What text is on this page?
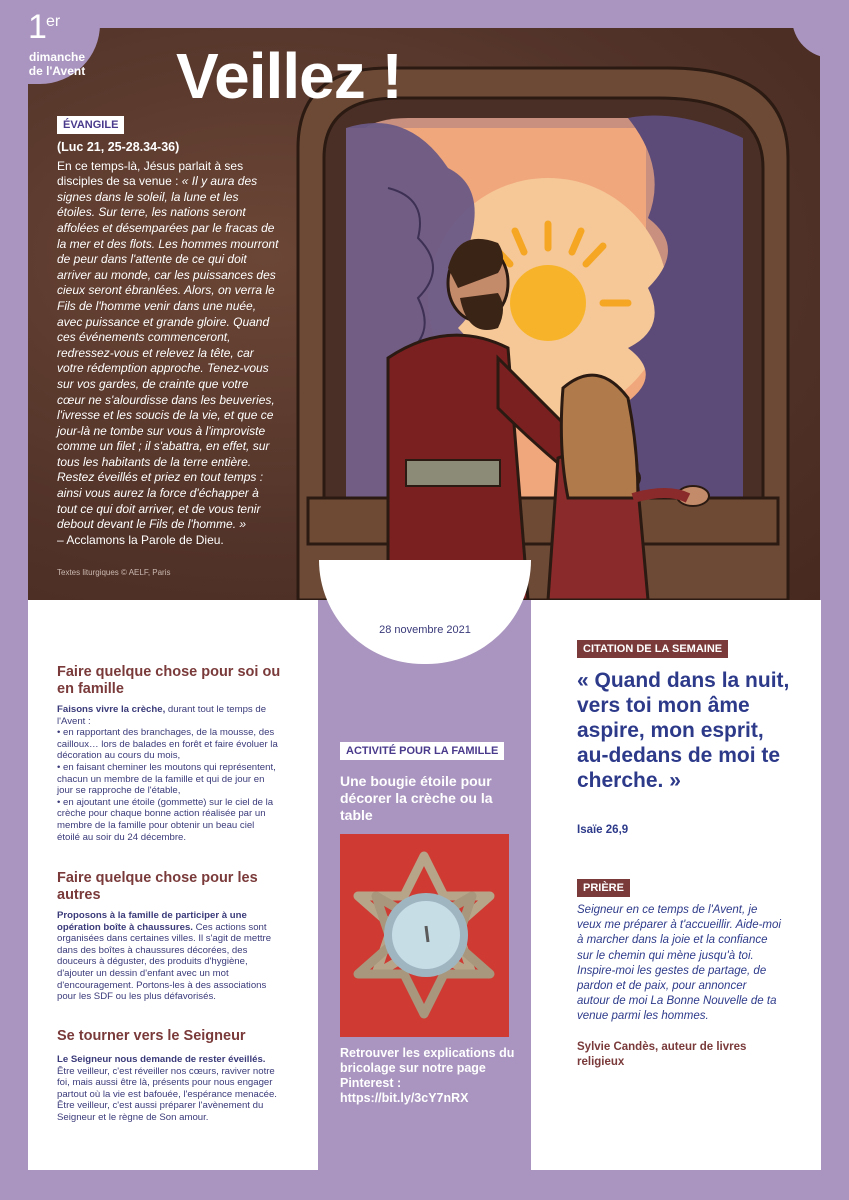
1 er
dimanche de l'Avent Veillez !
ÉVANGILE
(Luc 21, 25-28.34-36)
En ce temps-là, Jésus parlait à ses disciples de sa venue : « Il y aura des signes dans le soleil, la lune et les étoiles. Sur terre, les nations seront affolées et désemparées par le fracas de la mer et des flots. Les hommes mourront de peur dans l'attente de ce qui doit arriver au monde, car les puissances des cieux seront ébranlées. Alors, on verra le Fils de l'homme venir dans une nuée, avec puissance et grande gloire. Quand ces événements commenceront, redressez-vous et relevez la tête, car votre rédemption approche. Tenez-vous sur vos gardes, de crainte que votre cœur ne s'alourdisse dans les beuveries, l'ivresse et les soucis de la vie, et que ce jour-là ne tombe sur vous à l'improviste comme un filet ; il s'abattra, en effet, sur tous les habitants de la terre entière. Restez éveillés et priez en tout temps : ainsi vous aurez la force d'échapper à tout ce qui doit arriver, et de vous tenir debout devant le Fils de l'homme. »
– Acclamons la Parole de Dieu.
Textes liturgiques © AELF, Paris
28 novembre 2021
Faire quelque chose pour soi ou en famille
Faisons vivre la crèche, durant tout le temps de l'Avent :
• en rapportant des branchages, de la mousse, des cailloux… lors de balades en forêt et faire évoluer la décoration au cours du mois,
• en faisant cheminer les moutons qui représentent, chacun un membre de la famille et qui de jour en jour se rapproche de l'étable,
• en ajoutant une étoile (gommette) sur le ciel de la crèche pour chaque bonne action réalisée par un membre de la famille pour obtenir un beau ciel étoilé au soir du 24 décembre.
Faire quelque chose pour les autres
Proposons à la famille de participer à une opération boîte à chaussures. Ces actions sont organisées dans certaines villes. Il s'agit de mettre dans des boîtes à chaussures décorées, des douceurs à déguster, des produits d'hygiène, d'ajouter un dessin d'enfant avec un mot d'encouragement. Portons-les à des associations pour les SDF ou les plus défavorisés.
Se tourner vers le Seigneur
Le Seigneur nous demande de rester éveillés. Être veilleur, c'est réveiller nos cœurs, raviver notre foi, mais aussi être là, présents pour nous engager partout où la vie est bafouée, l'espérance menacée. Être veilleur, c'est aussi préparer l'avènement du Seigneur et le règne de Son amour.
ACTIVITÉ POUR LA FAMILLE
Une bougie étoile pour décorer la crèche ou la table
Retrouver les explications du bricolage sur notre page Pinterest : https://bit.ly/3cY7nRX
CITATION DE LA SEMAINE
« Quand dans la nuit, vers toi mon âme aspire, mon esprit, au-dedans de moi te cherche. »
Isaïe 26,9
PRIÈRE
Seigneur en ce temps de l'Avent, je veux me préparer à t'accueillir. Aide-moi à marcher dans la joie et la confiance sur le chemin qui mène jusqu'à toi. Inspire-moi les gestes de partage, de pardon et de paix, pour annoncer autour de moi La Bonne Nouvelle de ta venue parmi les hommes.
Sylvie Candès, auteur de livres religieux
